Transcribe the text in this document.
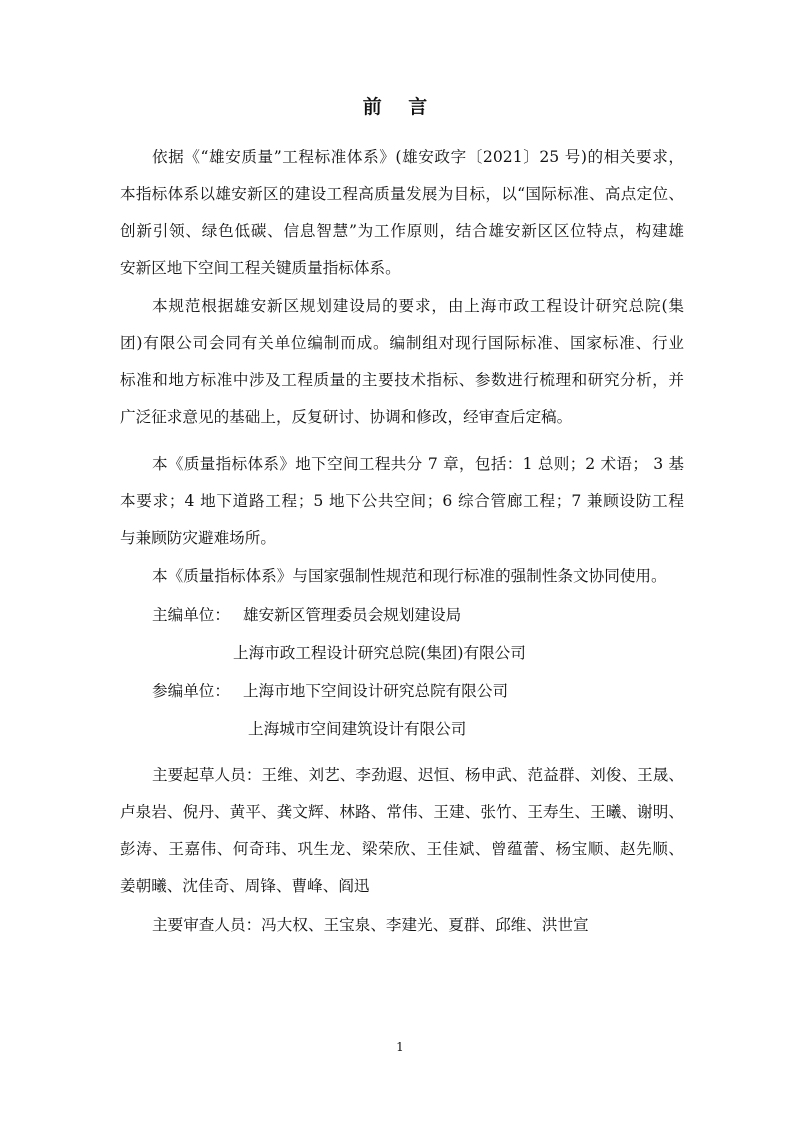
前 言
依据《“雄安质量”工程标准体系》(雄安政字〔2021〕25 号)的相关要求，
本指标体系以雄安新区的建设工程高质量发展为目标，以“国际标准、高点定位、
创新引领、绿色低碳、信息智慧”为工作原则，结合雄安新区区位特点，构建雄
安新区地下空间工程关键质量指标体系。
本规范根据雄安新区规划建设局的要求，由上海市政工程设计研究总院(集
团)有限公司会同有关单位编制而成。编制组对现行国际标准、国家标准、行业
标准和地方标准中涉及工程质量的主要技术指标、参数进行梳理和研究分析，并
广泛征求意见的基础上，反复研讨、协调和修改，经审查后定稿。
本《质量指标体系》地下空间工程共分 7 章，包括：1 总则；2 术语； 3 基
本要求；4 地下道路工程；5 地下公共空间；6 综合管廊工程；7 兼顾设防工程
与兼顾防灾避难场所。
本《质量指标体系》与国家强制性规范和现行标准的强制性条文协同使用。
主编单位： 雄安新区管理委员会规划建设局
上海市政工程设计研究总院(集团)有限公司
参编单位： 上海市地下空间设计研究总院有限公司
上海城市空间建筑设计有限公司
主要起草人员：王维、刘艺、李劲遐、迟恒、杨申武、范益群、刘俊、王晟、
卢泉岩、倪丹、黄平、龚文辉、林路、常伟、王建、张竹、王寿生、王曦、谢明、
彭涛、王嘉伟、何奇玮、巩生龙、梁荣欣、王佳斌、曾蕴蕾、杨宝顺、赵先顺、
姜朝曦、沈佳奇、周锋、曹峰、阎迅
主要审查人员：冯大权、王宝泉、李建光、夏群、邱维、洪世宣
1
